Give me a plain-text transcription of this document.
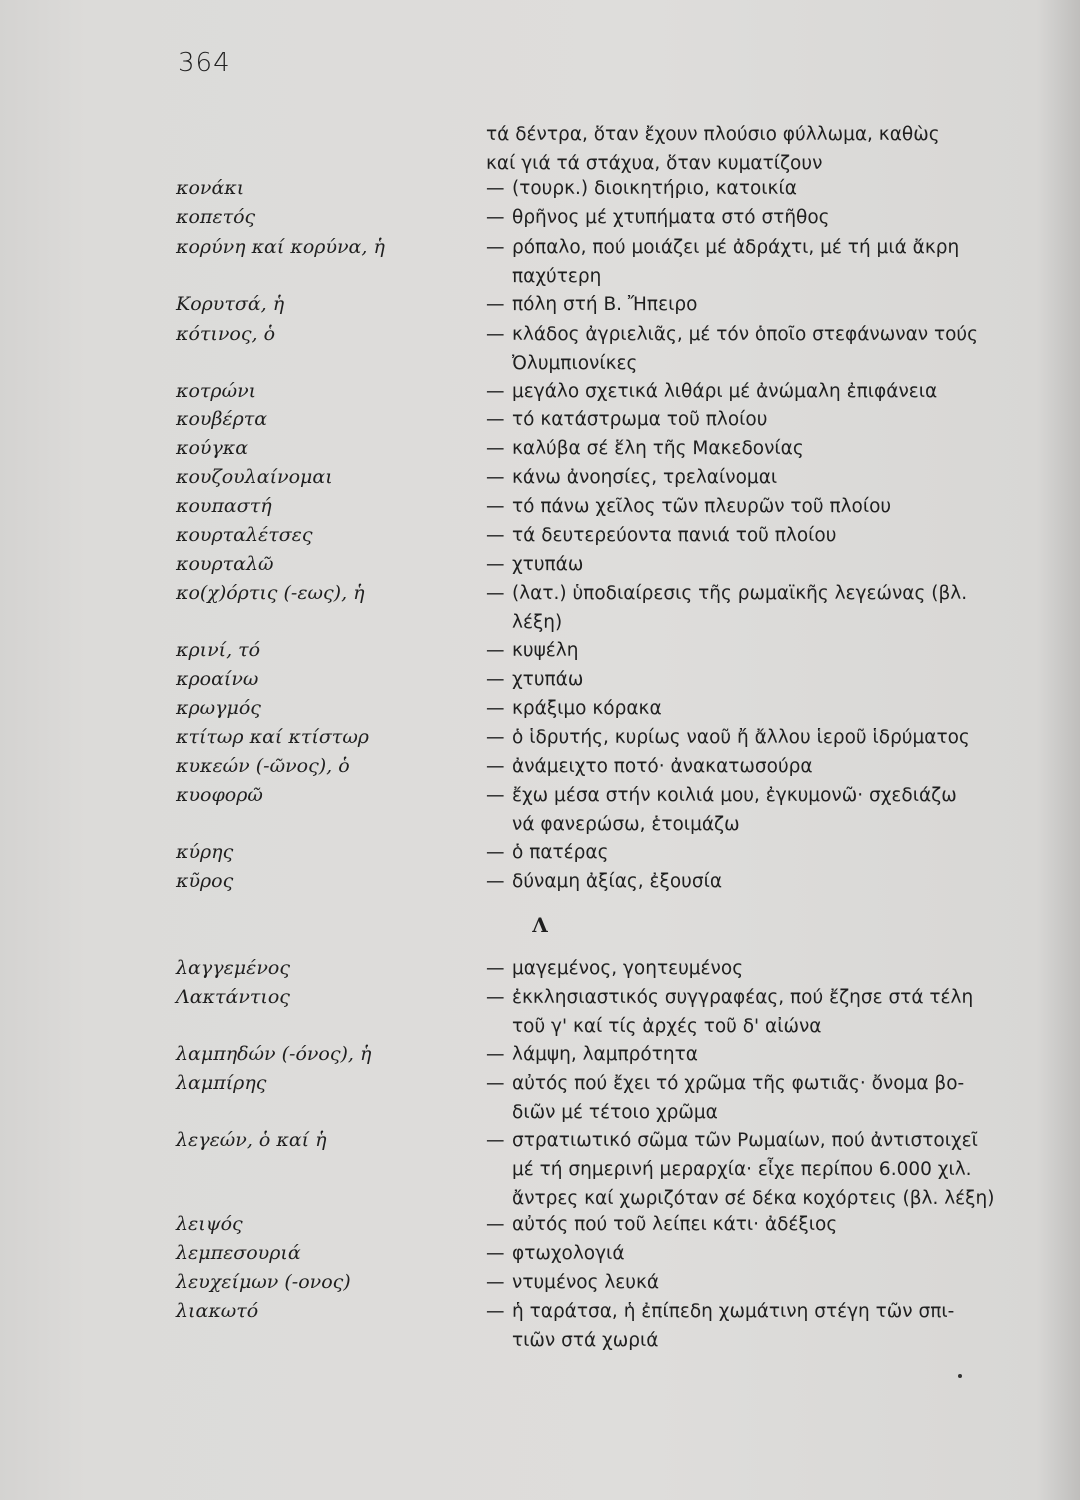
364
τά δέντρα, ὅταν ἔχουν πλούσιο φύλλωμα, καθὼς
καί γιά τά στάχυα, ὅταν κυματίζουν
κονάκι	— (τουρκ.) διοικητήριο, κατοικία

κοπετός	— θρῆνος μέ χτυπήματα στό στῆθος

κορύνη καί κορύνα, ἡ	— ρόπαλο, πού μοιάζει μέ ἀδράχτι, μέ τή μιά ἄκρη

παχύτερη
Κορυτσά, ἡ	— πόλη στή Β. Ἤπειρο

κότινος, ὁ	— κλάδος ἀγριελιᾶς, μέ τόν ὁποῖο στεφάνωναν τούς

Ὀλυμπιονίκες
κοτρώνι	— μεγάλο σχετικά λιθάρι μέ ἀνώμαλη ἐπιφάνεια

κουβέρτα	— τό κατάστρωμα τοῦ πλοίου

κούγκα	— καλύβα σέ ἕλη τῆς Μακεδονίας

κουζουλαίνομαι	— κάνω ἀνοησίες, τρελαίνομαι

κουπαστή	— τό πάνω χεῖλος τῶν πλευρῶν τοῦ πλοίου

κουρταλέτσες	— τά δευτερεύοντα πανιά τοῦ πλοίου

κουρταλῶ	— χτυπάω

κο(χ)όρτις (-εως), ἡ	— (λατ.) ὑποδιαίρεσις τῆς ρωμαϊκῆς λεγεώνας (βλ.

λέξη)
κρινί, τό	— κυψέλη

κροαίνω	— χτυπάω

κρωγμός	— κράξιμο κόρακα

κτίτωρ καί κτίστωρ	— ὁ ἱδρυτής, κυρίως ναοῦ ἤ ἄλλου ἱεροῦ ἱδρύματος

κυκεών (-ῶνος), ὁ	— ἀνάμειχτο ποτό· ἀνακατωσούρα

κυοφορῶ	— ἔχω μέσα στήν κοιλιά μου, ἐγκυμονῶ· σχεδιάζω

νά φανερώσω, ἑτοιμάζω
κύρης	— ὁ πατέρας

κῦρος	— δύναμη ἀξίας, ἐξουσία

λαγγεμένος	— μαγεμένος, γοητευμένος

Λακτάντιος	— ἐκκλησιαστικός συγγραφέας, πού ἔζησε στά τέλη

τοῦ γ' καί τίς ἀρχές τοῦ δ' αἰώνα
λαμπηδών (-όνος), ἡ	— λάμψη, λαμπρότητα

λαμπίρης	— αὐτός πού ἔχει τό χρῶμα τῆς φωτιᾶς· ὄνομα βο-

διῶν μέ τέτοιο χρῶμα
λεγεών, ὁ καί ἡ	— στρατιωτικό σῶμα τῶν Ρωμαίων, πού ἀντιστοιχεῖ

μέ τή σημερινή μεραρχία· εἶχε περίπου 6.000 χιλ.
ἄντρες καί χωριζόταν σέ δέκα κοχόρτεις (βλ. λέξη)
λειψός	— αὐτός πού τοῦ λείπει κάτι· ἀδέξιος

λεμπεσουριά	— φτωχολογιά

λευχείμων (-ονος)	— ντυμένος λευκά

λιακωτό	— ἡ ταράτσα, ἡ ἐπίπεδη χωμάτινη στέγη τῶν σπι-

τιῶν στά χωριά
Λ
